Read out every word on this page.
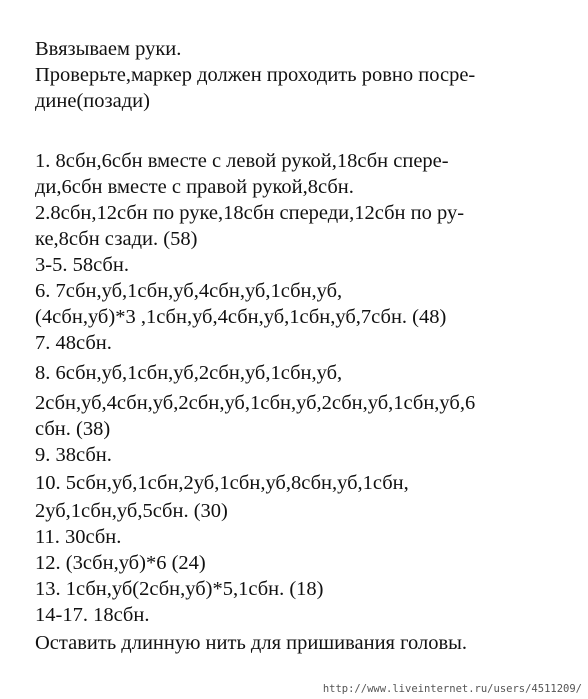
Ввязываем руки.
Проверьте,маркер должен проходить ровно посре-
дине(позади)
1. 8сбн,6сбн вместе с левой рукой,18сбн спере-
ди,6сбн вместе с правой рукой,8сбн.
2.8сбн,12сбн по руке,18сбн спереди,12сбн по ру-
ке,8сбн сзади. (58)
3-5. 58сбн.
6. 7сбн,уб,1сбн,уб,4сбн,уб,1сбн,уб,
(4сбн,уб)*3 ,1сбн,уб,4сбн,уб,1сбн,уб,7сбн. (48)
7. 48сбн.
8. 6сбн,уб,1сбн,уб,2сбн,уб,1сбн,уб,
2сбн,уб,4сбн,уб,2сбн,уб,1сбн,уб,2сбн,уб,1сбн,уб,6
сбн. (38)
9. 38сбн.
10. 5сбн,уб,1сбн,2уб,1сбн,уб,8сбн,уб,1сбн,
2уб,1сбн,уб,5сбн. (30)
11. 30сбн.
12. (3сбн,уб)*6 (24)
13. 1сбн,уб(2сбн,уб)*5,1сбн. (18)
14-17. 18сбн.
Оставить длинную нить для пришивания головы.
http://www.liveinternet.ru/users/4511209/
